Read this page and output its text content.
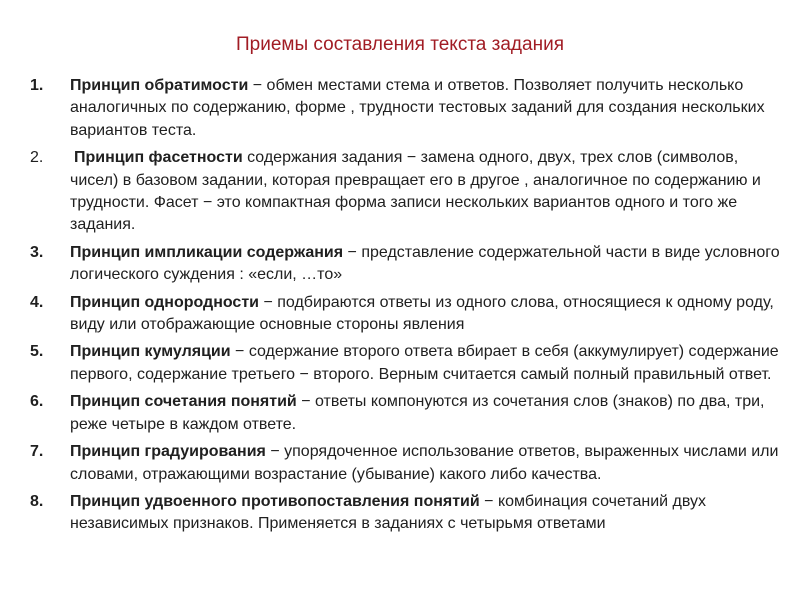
Приемы составления текста задания
1. Принцип обратимости − обмен местами стема и ответов. Позволяет получить несколько аналогичных по содержанию, форме , трудности тестовых заданий для создания нескольких вариантов теста.
2. Принцип фасетности содержания задания − замена одного, двух, трех слов (символов, чисел) в базовом задании, которая превращает его в другое , аналогичное по содержанию и трудности. Фасет − это компактная форма записи нескольких вариантов одного и того же задания.
3. Принцип импликации содержания − представление содержательной части в виде условного логического суждения : «если, …то»
4. Принцип однородности − подбираются ответы из одного слова, относящиеся к одному роду, виду или отображающие основные стороны явления
5. Принцип кумуляции − содержание второго ответа вбирает в себя (аккумулирует) содержание первого, содержание третьего − второго. Верным считается самый полный правильный ответ.
6. Принцип сочетания понятий − ответы компонуются из сочетания слов (знаков) по два, три, реже четыре в каждом ответе.
7. Принцип градуирования − упорядоченное использование ответов, выраженных числами или словами, отражающими возрастание (убывание) какого либо качества.
8. Принцип удвоенного противопоставления понятий − комбинация сочетаний двух независимых признаков. Применяется в заданиях с четырьмя ответами
